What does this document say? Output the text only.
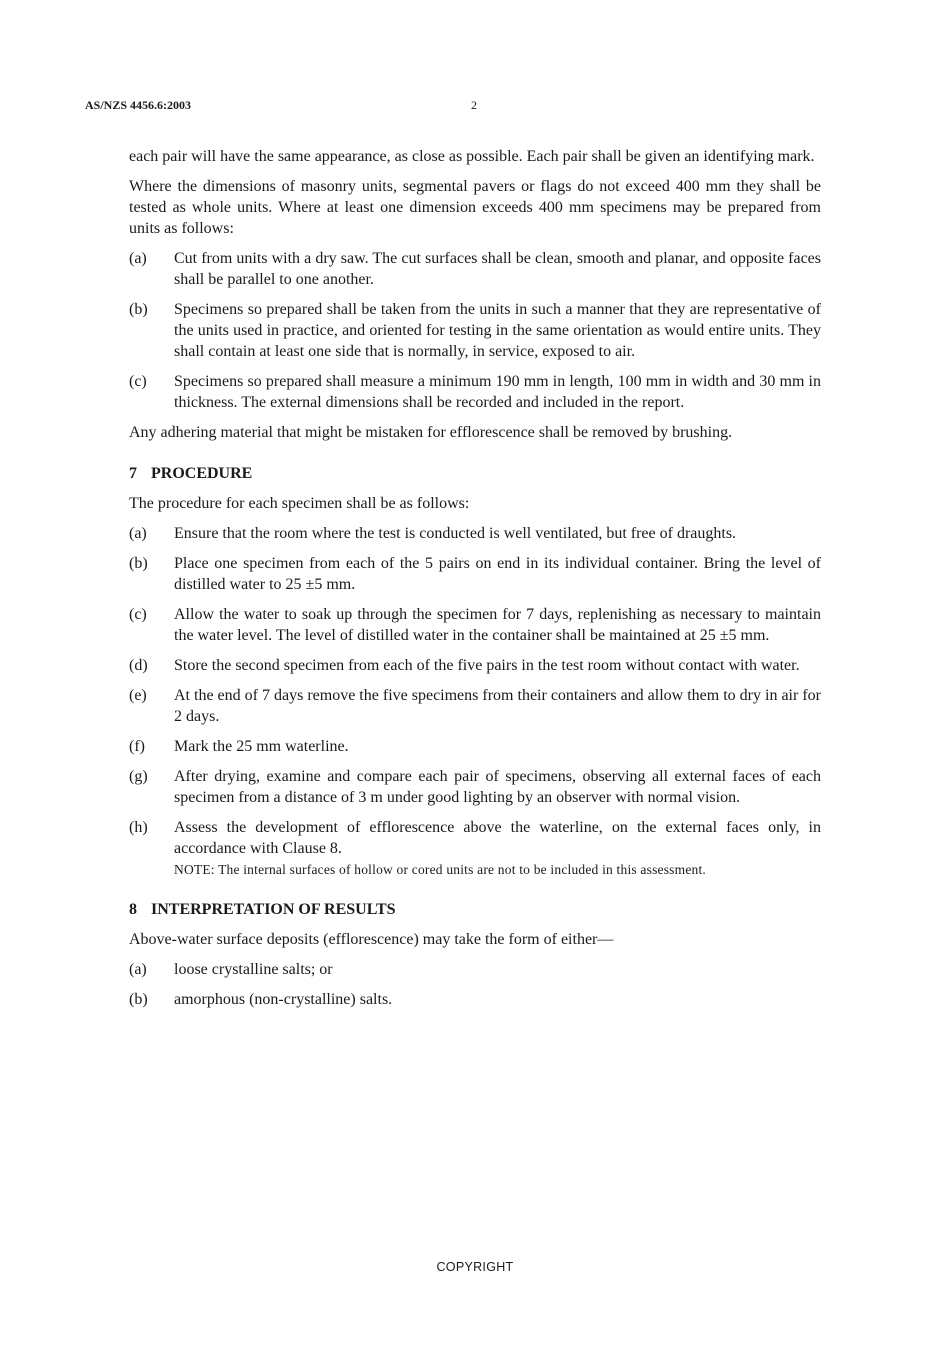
AS/NZS 4456.6:2003	2

each pair will have the same appearance, as close as possible. Each pair shall be given an identifying mark.

Where the dimensions of masonry units, segmental pavers or flags do not exceed 400 mm they shall be tested as whole units. Where at least one dimension exceeds 400 mm specimens may be prepared from units as follows:

(a) Cut from units with a dry saw. The cut surfaces shall be clean, smooth and planar, and opposite faces shall be parallel to one another.
(b) Specimens so prepared shall be taken from the units in such a manner that they are representative of the units used in practice, and oriented for testing in the same orientation as would entire units. They shall contain at least one side that is normally, in service, exposed to air.
(c) Specimens so prepared shall measure a minimum 190 mm in length, 100 mm in width and 30 mm in thickness. The external dimensions shall be recorded and included in the report.

Any adhering material that might be mistaken for efflorescence shall be removed by brushing.

7 PROCEDURE

The procedure for each specimen shall be as follows:

(a) Ensure that the room where the test is conducted is well ventilated, but free of draughts.
(b) Place one specimen from each of the 5 pairs on end in its individual container. Bring the level of distilled water to 25 ±5 mm.
(c) Allow the water to soak up through the specimen for 7 days, replenishing as necessary to maintain the water level. The level of distilled water in the container shall be maintained at 25 ±5 mm.
(d) Store the second specimen from each of the five pairs in the test room without contact with water.
(e) At the end of 7 days remove the five specimens from their containers and allow them to dry in air for 2 days.
(f) Mark the 25 mm waterline.
(g) After drying, examine and compare each pair of specimens, observing all external faces of each specimen from a distance of 3 m under good lighting by an observer with normal vision.
(h) Assess the development of efflorescence above the waterline, on the external faces only, in accordance with Clause 8.
NOTE: The internal surfaces of hollow or cored units are not to be included in this assessment.
8 INTERPRETATION OF RESULTS

Above-water surface deposits (efflorescence) may take the form of either—

(a) loose crystalline salts; or
(b) amorphous (non-crystalline) salts.
COPYRIGHT
